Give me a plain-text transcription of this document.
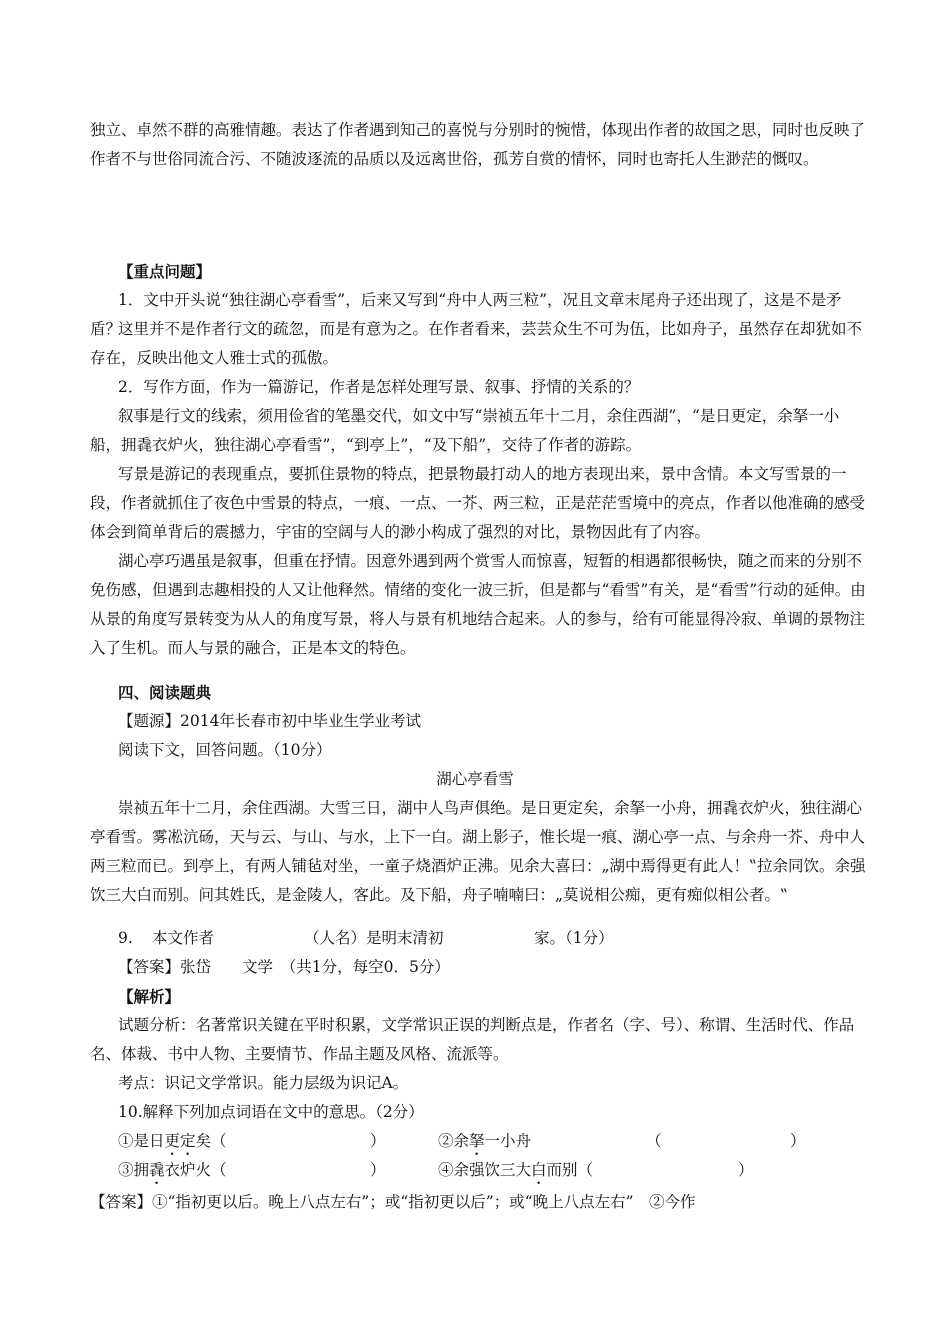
独立、卓然不群的高雅情趣。表达了作者遇到知己的喜悦与分别时的惋惜，体现出作者的故国之思，同时也反映了作者不与世俗同流合污、不随波逐流的品质以及远离世俗，孤芳自赏的情怀，同时也寄托人生渺茫的慨叹。

【重点问题】

1．文中开头说“独往湖心亭看雪”，后来又写到“舟中人两三粒”，况且文章末尾舟子还出现了，这是不是矛盾？

这里并不是作者行文的疏忽，而是有意为之。在作者看来，芸芸众生不可为伍，比如舟子，虽然存在却犹如不存在，反映出他文人雅士式的孤傲。

2．写作方面，作为一篇游记，作者是怎样处理写景、叙事、抒情的关系的？

叙事是行文的线索，须用俭省的笔墨交代，如文中写“崇祯五年十二月，余住西湖”，“是日更定，余拏一小船，拥毳衣炉火，独往湖心亭看雪”，“到亭上”，“及下船”，交待了作者的游踪。

写景是游记的表现重点，要抓住景物的特点，把景物最打动人的地方表现出来，景中含情。本文写雪景的一段，作者就抓住了夜色中雪景的特点，一痕、一点、一芥、两三粒，正是茫茫雪境中的亮点，作者以他准确的感受体会到简单背后的震撼力，宇宙的空阔与人的渺小构成了强烈的对比，景物因此有了内容。

湖心亭巧遇虽是叙事，但重在抒情。因意外遇到两个赏雪人而惊喜，短暂的相遇都很畅快，随之而来的分别不免伤感，但遇到志趣相投的人又让他释然。情绪的变化一波三折，但是都与“看雪”有关，是“看雪”行动的延伸。由从景的角度写景转变为从人的角度写景，将人与景有机地结合起来。人的参与，给有可能显得冷寂、单调的景物注入了生机。而人与景的融合，正是本文的特色。

四、阅读题典

【题源】2014年长春市初中毕业生学业考试

阅读下文，回答问题。（10分）

湖心亭看雪

崇祯五年十二月，余住西湖。大雪三日，湖中人鸟声俱绝。是日更定矣，余拏一小舟，拥毳衣炉火，独往湖心亭看雪。雾凇沆砀，天与云、与山、与水，上下一白。湖上影子，惟长堤一痕、湖心亭一点、与余舟一芥、舟中人两三粒而已。到亭上，有两人铺毡对坐，一童子烧酒炉正沸。见余大喜曰：„湖中焉得更有此人！‟拉余同饮。余强饮三大白而别。问其姓氏，是金陵人，客此。及下船，舟子喃喃曰：„莫说相公痴，更有痴似相公者。‟

9. 本文作者	（人名）是明末清初	家。（1分）

【答案】张岱　　文学　（共1分，每空0．5分）

【解析】

试题分析：名著常识关键在平时积累，文学常识正误的判断点是，作者名（字、号）、称谓、生活时代、作品名、体裁、书中人物、主要情节、作品主题及风格、流派等。

考点：识记文学常识。能力层级为识记A。

10.解释下列加点词语在文中的意思。（2分）

①是日更定矣（	）	②余拏一小舟	（	）
③拥毳衣炉火（	）	④余强饮三大白而别（	）

【答案】①“指初更以后。晚上八点左右”；或“指初更以后”；或“晚上八点左右”　②今作
